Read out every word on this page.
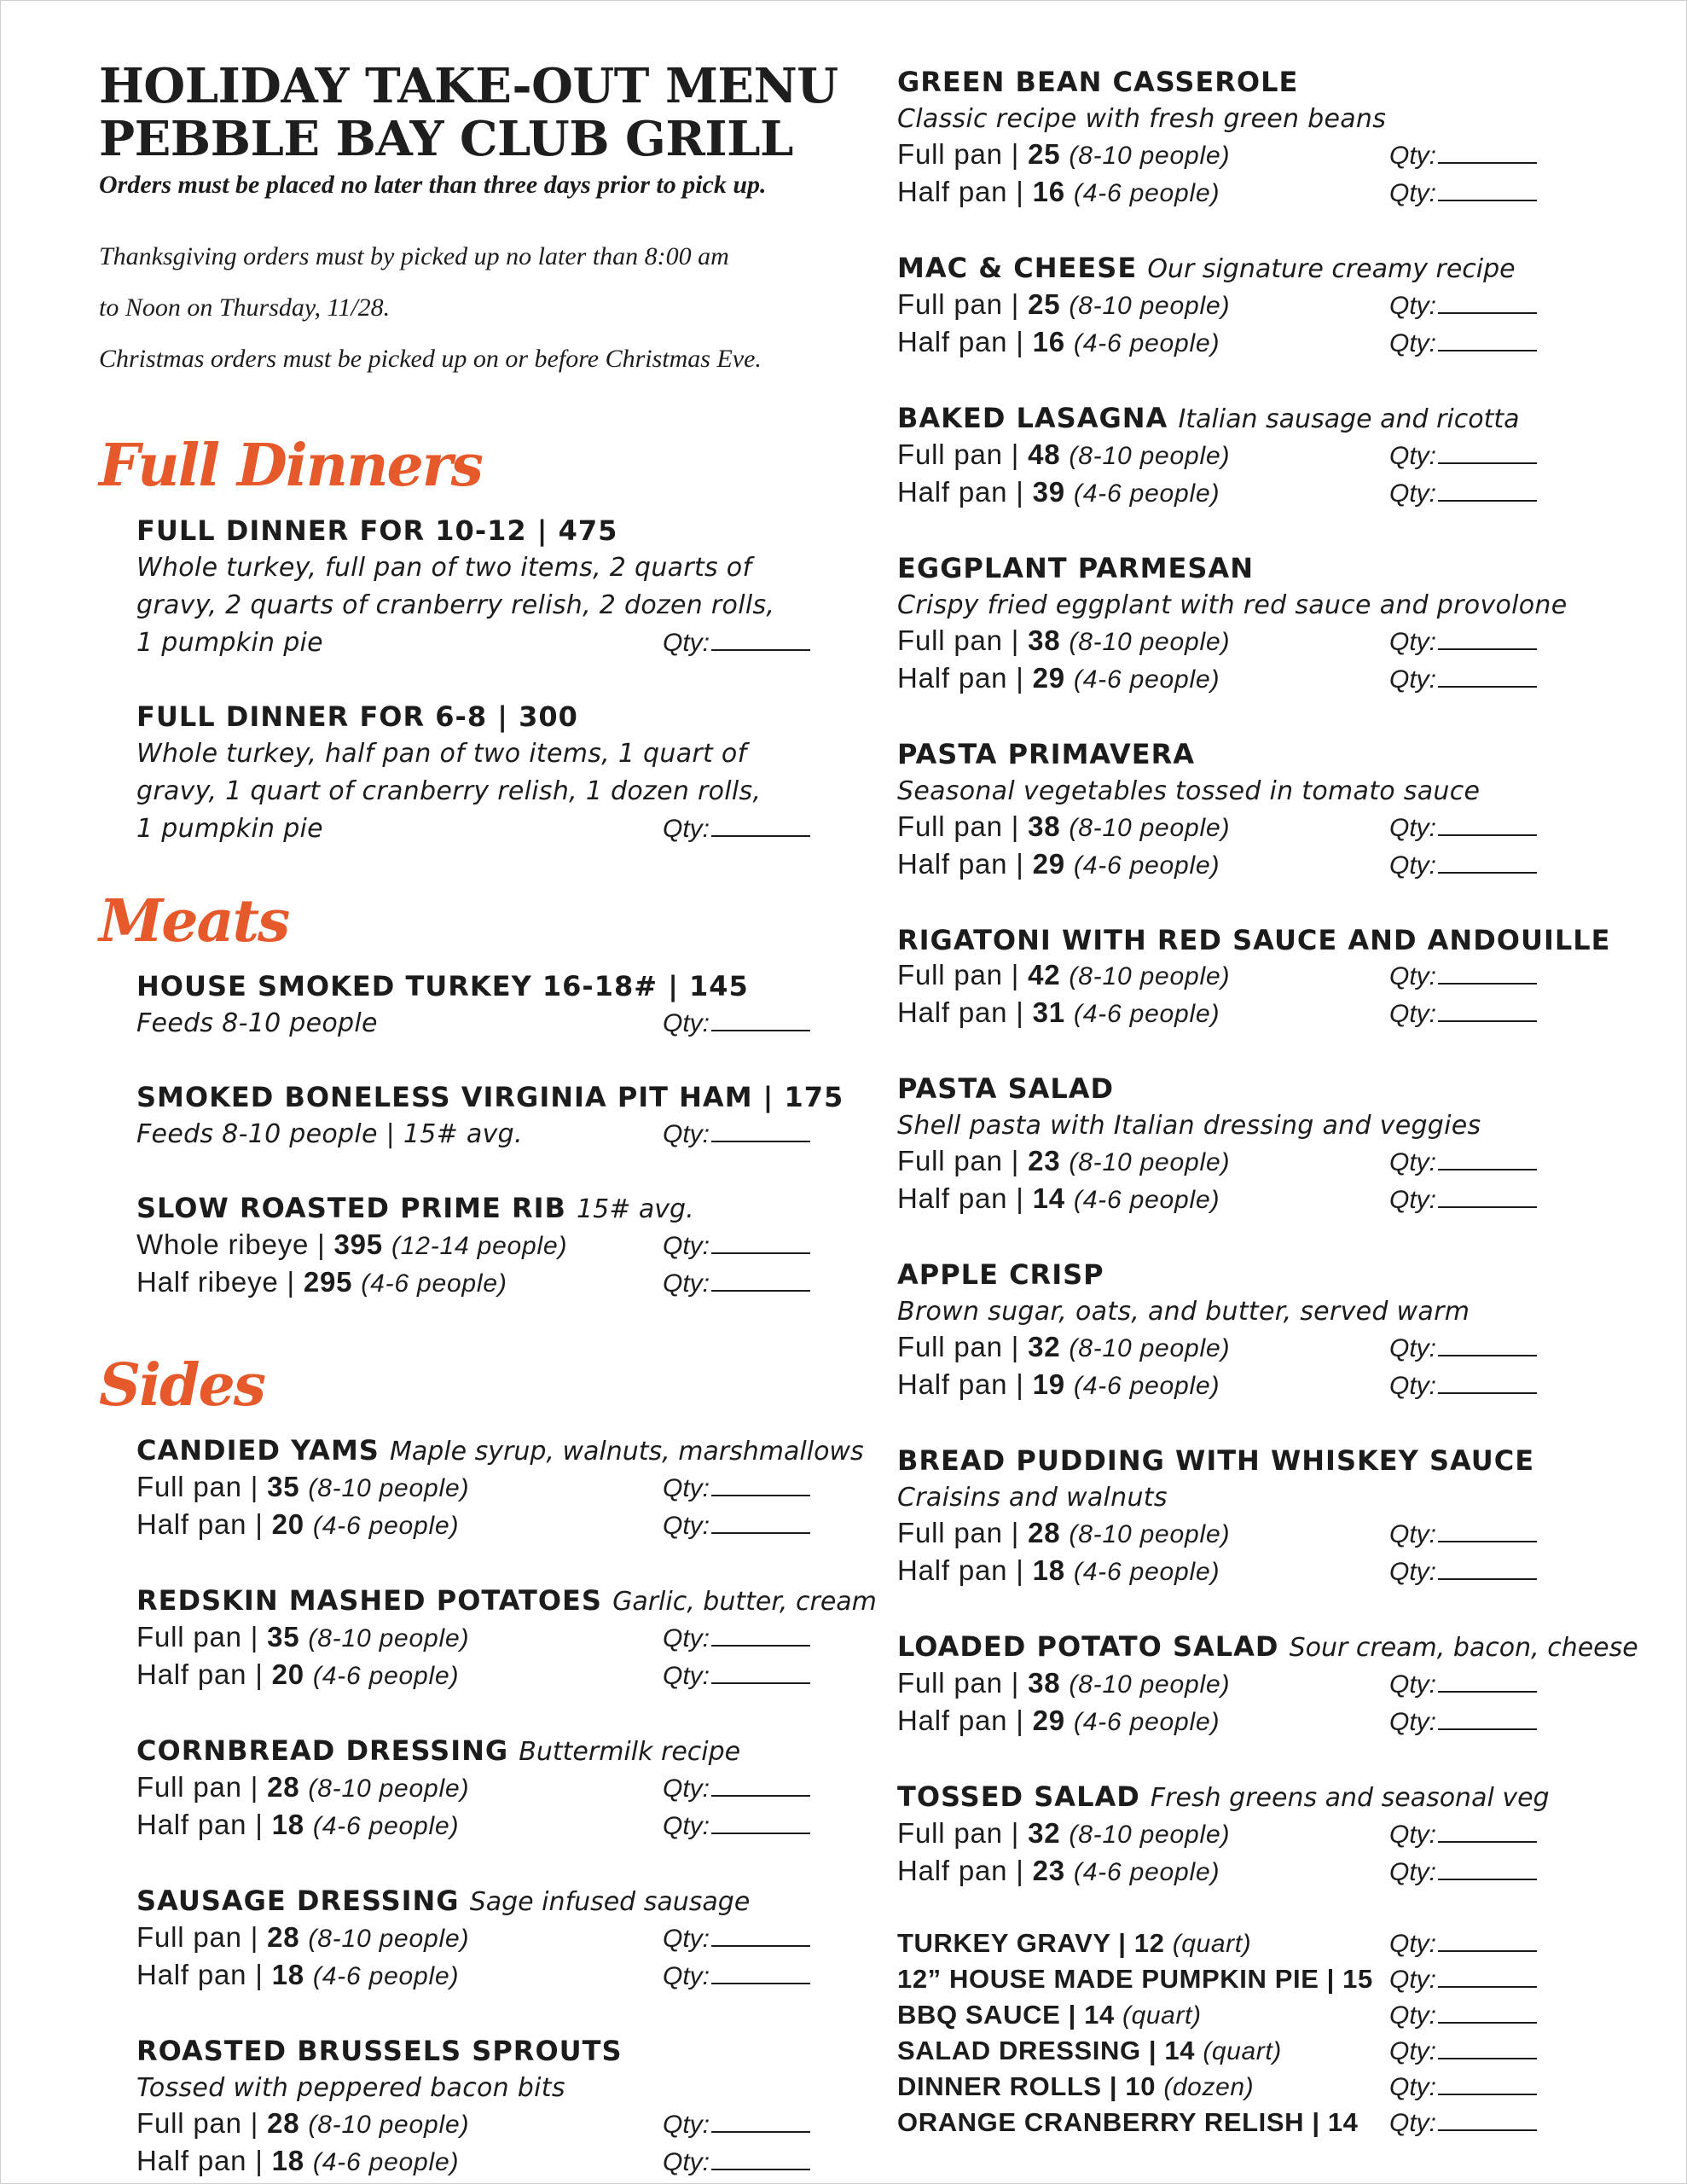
HOLIDAY TAKE-OUT MENU
PEBBLE BAY CLUB GRILL
Orders must be placed no later than three days prior to pick up.

Thanksgiving orders must by picked up no later than 8:00 am

to Noon on Thursday, 11/28.

Christmas orders must be picked up on or before Christmas Eve.

Full Dinners
FULL DINNER FOR 10-12 | 475
Whole turkey, full pan of two items, 2 quarts of
gravy, 2 quarts of cranberry relish, 2 dozen rolls,
1 pumpkin pie	Qty:
FULL DINNER FOR 6-8 | 300
Whole turkey, half pan of two items, 1 quart of
gravy, 1 quart of cranberry relish, 1 dozen rolls,
1 pumpkin pie	Qty:
Meats
HOUSE SMOKED TURKEY 16-18# | 145
Feeds 8-10 people	Qty:
SMOKED BONELESS VIRGINIA PIT HAM | 175
Feeds 8-10 people | 15# avg.	Qty:
SLOW ROASTED PRIME RIB 15# avg.
Whole ribeye | 395 (12-14 people)	Qty:
Half ribeye | 295 (4-6 people)	Qty:
Sides
CANDIED YAMS Maple syrup, walnuts, marshmallows
Full pan | 35 (8-10 people)	Qty:
Half pan | 20 (4-6 people)	Qty:
REDSKIN MASHED POTATOES Garlic, butter, cream
Full pan | 35 (8-10 people)	Qty:
Half pan | 20 (4-6 people)	Qty:
CORNBREAD DRESSING Buttermilk recipe
Full pan | 28 (8-10 people)	Qty:
Half pan | 18 (4-6 people)	Qty:
SAUSAGE DRESSING Sage infused sausage
Full pan | 28 (8-10 people)	Qty:
Half pan | 18 (4-6 people)	Qty:
ROASTED BRUSSELS SPROUTS
Tossed with peppered bacon bits
Full pan | 28 (8-10 people)	Qty:
Half pan | 18 (4-6 people)	Qty:
GREEN BEAN CASSEROLE
Classic recipe with fresh green beans
Full pan | 25 (8-10 people)	Qty:
Half pan | 16 (4-6 people)	Qty:
MAC & CHEESE Our signature creamy recipe
Full pan | 25 (8-10 people)	Qty:
Half pan | 16 (4-6 people)	Qty:
BAKED LASAGNA Italian sausage and ricotta
Full pan | 48 (8-10 people)	Qty:
Half pan | 39 (4-6 people)	Qty:
EGGPLANT PARMESAN
Crispy fried eggplant with red sauce and provolone
Full pan | 38 (8-10 people)	Qty:
Half pan | 29 (4-6 people)	Qty:
PASTA PRIMAVERA
Seasonal vegetables tossed in tomato sauce
Full pan | 38 (8-10 people)	Qty:
Half pan | 29 (4-6 people)	Qty:
RIGATONI WITH RED SAUCE AND ANDOUILLE
Full pan | 42 (8-10 people)	Qty:
Half pan | 31 (4-6 people)	Qty:
PASTA SALAD
Shell pasta with Italian dressing and veggies
Full pan | 23 (8-10 people)	Qty:
Half pan | 14 (4-6 people)	Qty:
APPLE CRISP
Brown sugar, oats, and butter, served warm
Full pan | 32 (8-10 people)	Qty:
Half pan | 19 (4-6 people)	Qty:
BREAD PUDDING WITH WHISKEY SAUCE
Craisins and walnuts
Full pan | 28 (8-10 people)	Qty:
Half pan | 18 (4-6 people)	Qty:
LOADED POTATO SALAD Sour cream, bacon, cheese
Full pan | 38 (8-10 people)	Qty:
Half pan | 29 (4-6 people)	Qty:
TOSSED SALAD Fresh greens and seasonal veg
Full pan | 32 (8-10 people)	Qty:
Half pan | 23 (4-6 people)	Qty:
TURKEY GRAVY | 12 (quart)	Qty:
12” HOUSE MADE PUMPKIN PIE | 15 Qty:
BBQ SAUCE | 14 (quart)	Qty:
SALAD DRESSING | 14 (quart)	Qty:
DINNER ROLLS | 10 (dozen)	Qty:
ORANGE CRANBERRY RELISH | 14 Qty:
